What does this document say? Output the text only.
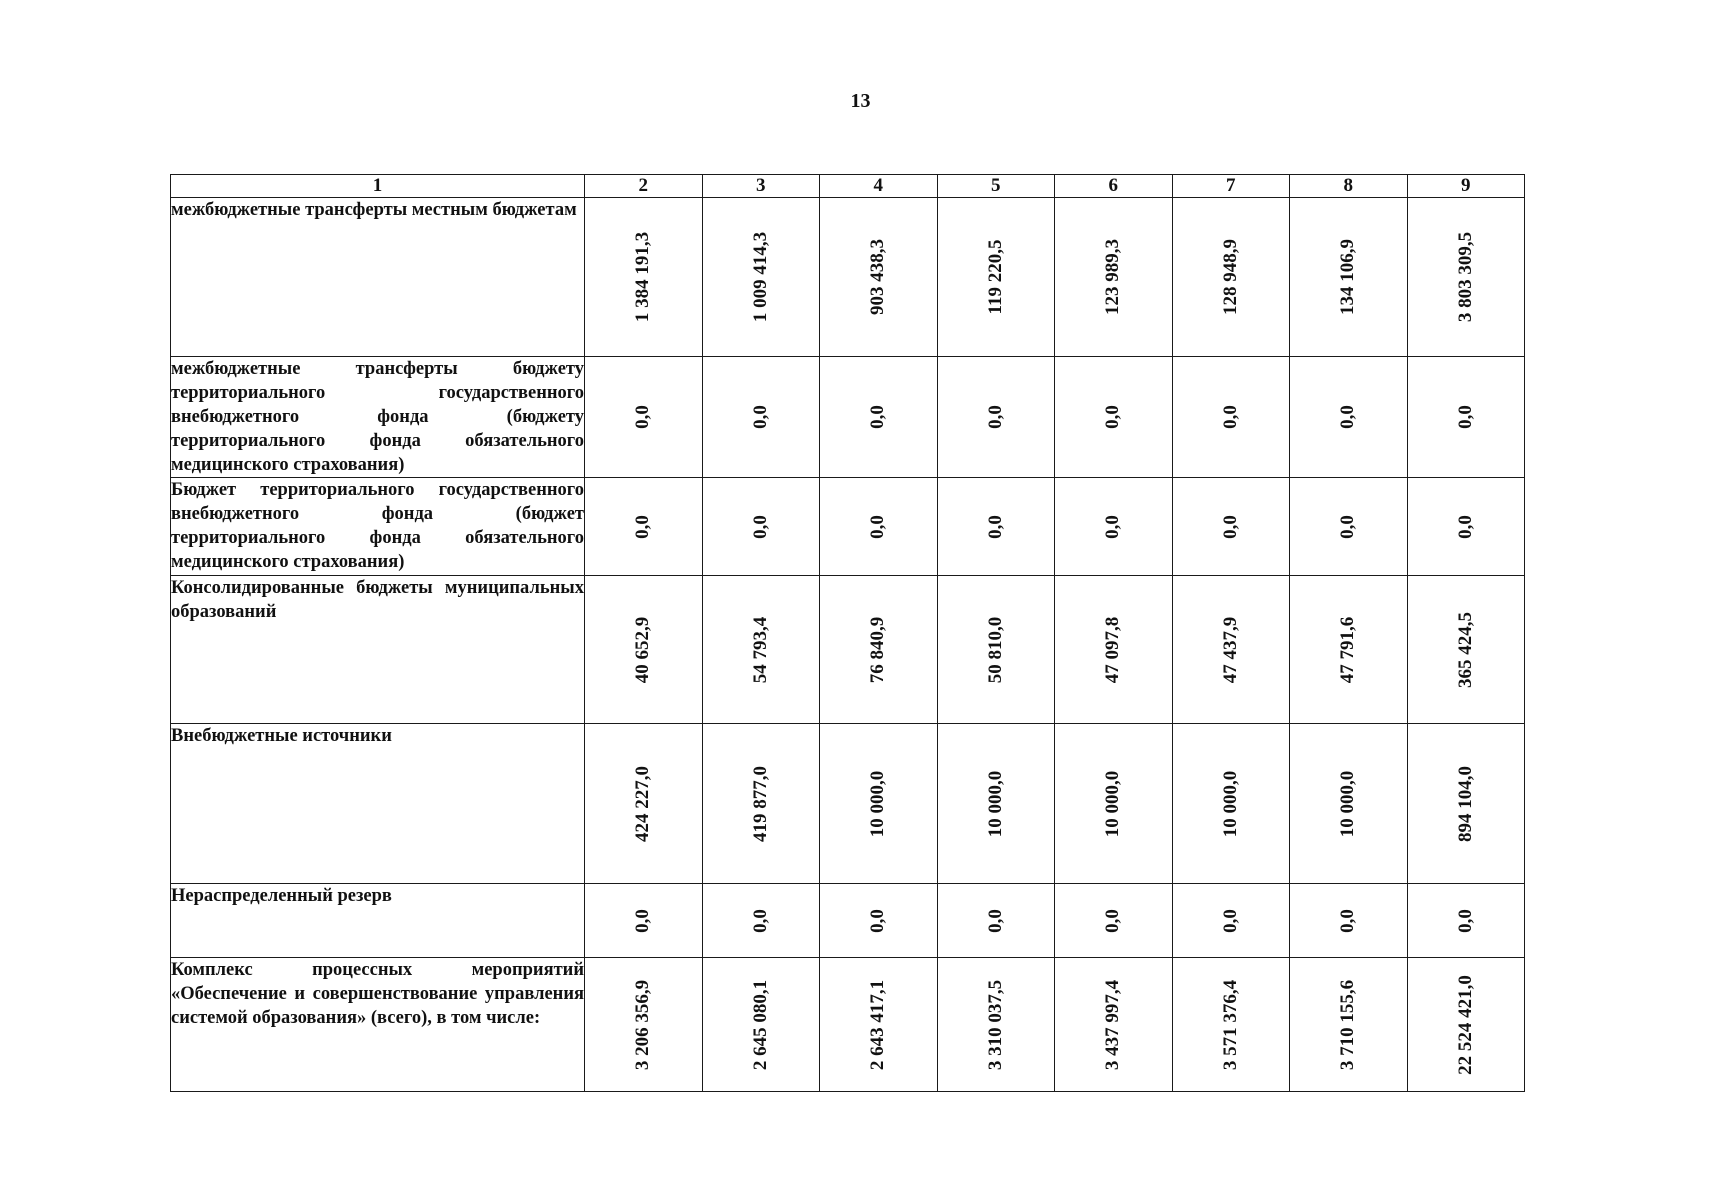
13
1	2	3	4	5	6	7	8	9
межбюджетные трансферты местным бюджетам	1 384 191,3	1 009 414,3	903 438,3	119 220,5	123 989,3	128 948,9	134 106,9	3 803 309,5

межбюджетные трансферты бюджету территориального государственного внебюджетного фонда (бюджету территориального фонда обязательного медицинского страхования)	0,0	0,0	0,0	0,0	0,0	0,0	0,0	0,0

Бюджет территориального государственного внебюджетного фонда (бюджет территориального фонда обязательного медицинского страхования)	0,0	0,0	0,0	0,0	0,0	0,0	0,0	0,0

Консолидированные бюджеты муниципальных образований	40 652,9	54 793,4	76 840,9	50 810,0	47 097,8	47 437,9	47 791,6	365 424,5

Внебюджетные источники	424 227,0	419 877,0	10 000,0	10 000,0	10 000,0	10 000,0	10 000,0	894 104,0

Нераспределенный резерв	0,0	0,0	0,0	0,0	0,0	0,0	0,0	0,0

Комплекс процессных мероприятий «Обеспечение и совершенствование управления системой образования» (всего), в том числе:	3 206 356,9	2 645 080,1	2 643 417,1	3 310 037,5	3 437 997,4	3 571 376,4	3 710 155,6	22 524 421,0
